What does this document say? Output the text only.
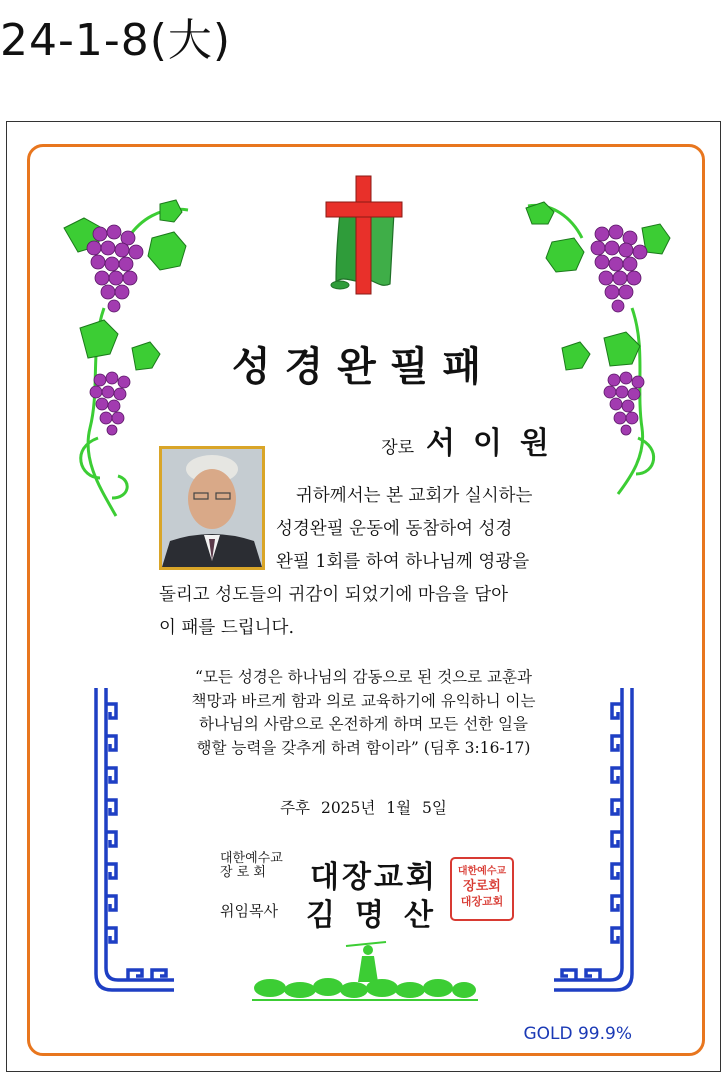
24-1-8(大)
GOLD 99.9%
성경완필패
장로 서이원
귀하께서는 본 교회가 실시하는
성경완필 운동에 동참하여 성경
완필 1회를 하여 하나님께 영광을
돌리고 성도들의 귀감이 되었기에 마음을 담아
이 패를 드립니다.
“모든 성경은 하나님의 감동으로 된 것으로 교훈과
책망과 바르게 함과 의로 교육하기에 유익하니 이는
하나님의 사람으로 온전하게 하며 모든 선한 일을
행할 능력을 갖추게 하려 함이라” (딤후 3:16-17)
주후 2025년 1월 5일
대한예수교
장 로 회	대장교회
위임목사 김명산
대한예수교
장로회
대장교회
